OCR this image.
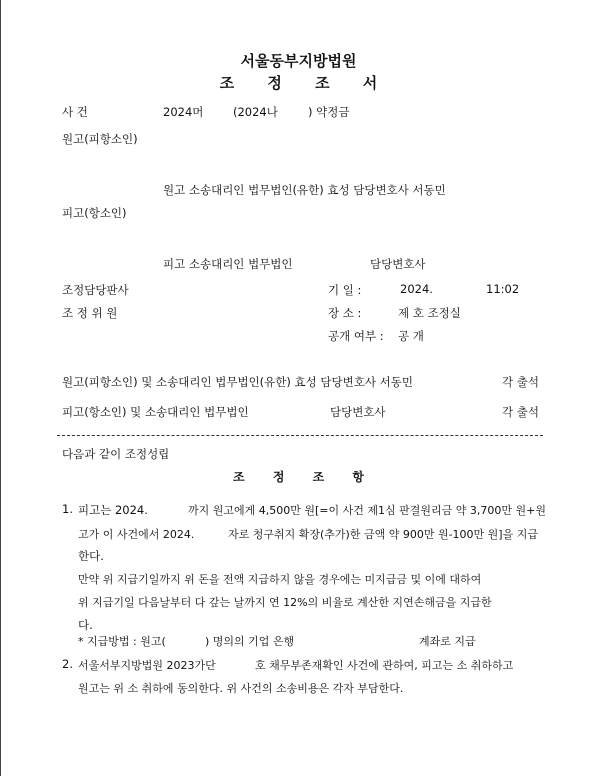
서울동부지방법원
조 정 조 서
사 건	2024머	(2024나	) 약정금
원고(피항소인)
원고 소송대리인 법무법인(유한) 효성 담당변호사 서동민
피고(항소인)
피고 소송대리인 법무법인	담당변호사
조정담당판사
조 정 위 원
기 일 :	2024.	11:02
장 소 :	제 호 조정실
공개 여부 : 공 개
원고(피항소인) 및 소송대리인 법무법인(유한) 효성 담당변호사 서동민	각 출석
피고(항소인) 및 소송대리인 법무법인	담당변호사	각 출석
다음과 같이 조정성립
조 정 조 항
1. 피고는 2024.	까지 원고에게 4,500만 원[=이 사건 제1심 판결원리금 약 3,700만 원+원
고가 이 사건에서 2024.	자로 청구취지 확장(추가)한 금액 약 900만 원-100만 원]을 지급
한다.
만약 위 지급기일까지 위 돈을 전액 지급하지 않을 경우에는 미지급금 및 이에 대하여
위 지급기일 다음날부터 다 갚는 날까지 연 12%의 비율로 계산한 지연손해금을 지급한
다.
* 지급방법 : 원고(	) 명의의 기업 은행	계좌로 지급
2. 서울서부지방법원 2023가단	호 채무부존재확인 사건에 관하여, 피고는 소 취하하고
원고는 위 소 취하에 동의한다. 위 사건의 소송비용은 각자 부담한다.
